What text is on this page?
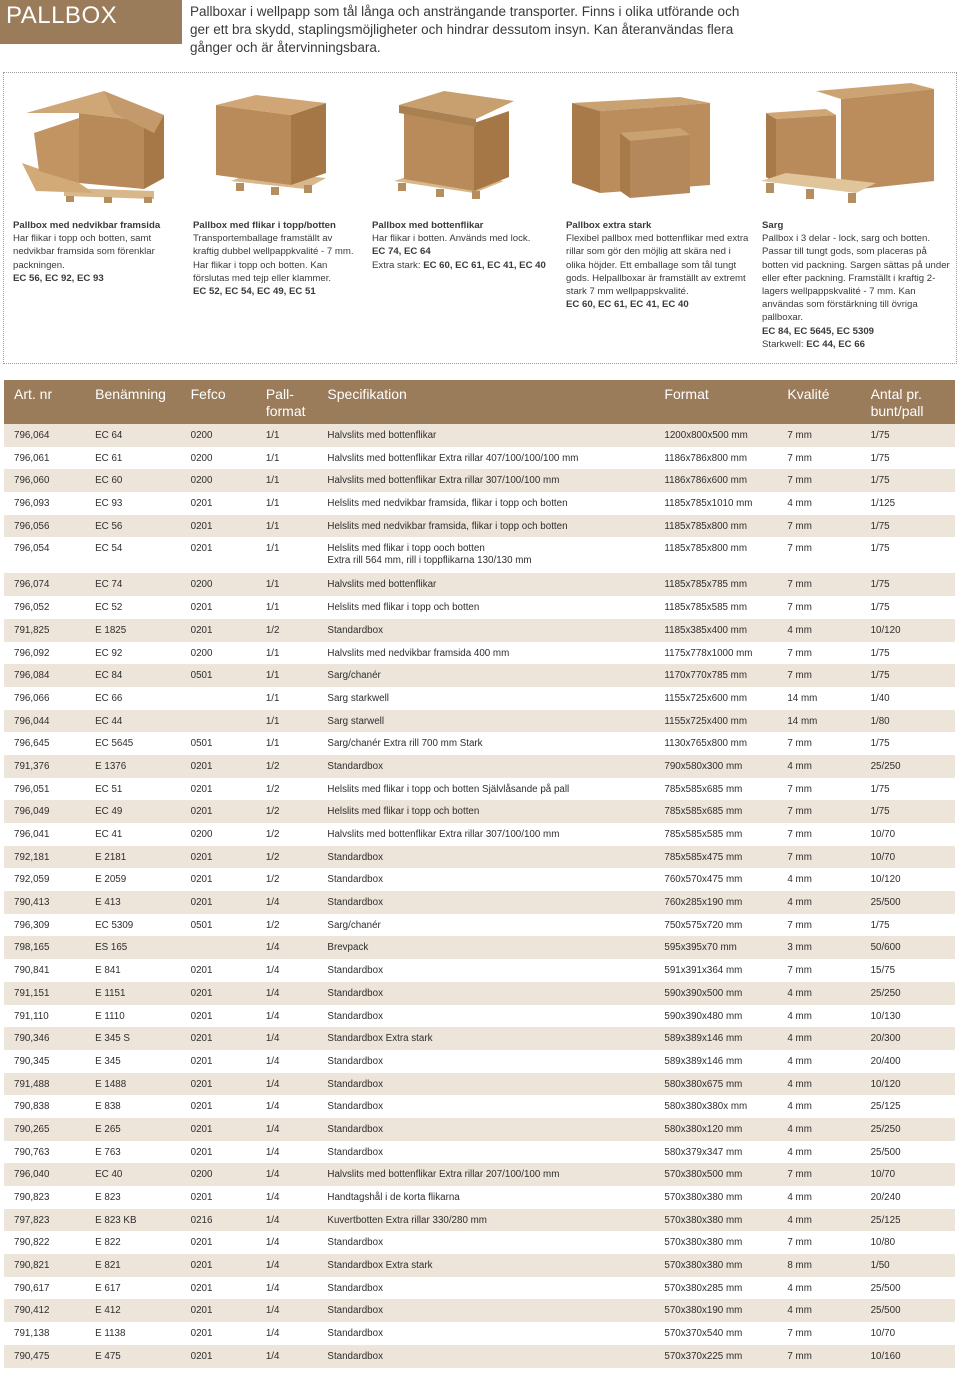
PALLBOX	Pallboxar i wellpapp som tål långa och ansträngande transporter. Finns i olika utförande och ger ett bra skydd, staplingsmöjligheter och hindrar dessutom insyn. Kan återanvändas flera gånger och är återvinningsbara.
Pallbox med nedvikbar framsida

Har flikar i topp och botten, samt nedvikbar framsida som förenklar packningen.

EC 56, EC 92, EC 93
Pallbox med flikar i topp/botten

Transportemballage framställt av kraftig dubbel wellpappkvalité - 7 mm. Har flikar i topp och botten. Kan förslutas med tejp eller klammer.

EC 52, EC 54, EC 49, EC 51
Pallbox med bottenflikar

Har flikar i botten. Används med lock.

EC 74, EC 64

Extra stark: EC 60, EC 61, EC 41, EC 40

Pallbox extra stark

Flexibel pallbox med bottenflikar med extra rillar som gör den möjlig att skära ned i olika höjder. Ett emballage som tål tungt gods. Helpallboxar är framställt av extremt stark 7 mm wellpappskvalité.

EC 60, EC 61, EC 41, EC 40
Sarg

Pallbox i 3 delar - lock, sarg och botten. Passar till tungt gods, som placeras på botten vid packning. Sargen sättas på under eller efter packning. Framställt i kraftig 2-lagers wellpappskvalité - 7 mm. Kan användas som förstärkning till övriga pallboxar.

EC 84, EC 5645, EC 5309

Starkwell: EC 44, EC 66

Art. nr	Benämning	Fefco	Pall-
format	Specifikation	Format	Kvalité	Antal pr.
bunt/pall
796,064	EC 64	0200	1/1	Halvslits med bottenflikar	1200x800x500 mm	7 mm	1/75
796,061	EC 61	0200	1/1	Halvslits med bottenflikar Extra rillar 407/100/100/100 mm	1186x786x800 mm	7 mm	1/75
796,060	EC 60	0200	1/1	Halvslits med bottenflikar Extra rillar 307/100/100 mm	1186x786x600 mm	7 mm	1/75
796,093	EC 93	0201	1/1	Helslits med nedvikbar framsida, flikar i topp och botten	1185x785x1010 mm	4 mm	1/125
796,056	EC 56	0201	1/1	Helslits med nedvikbar framsida, flikar i topp och botten	1185x785x800 mm	7 mm	1/75
796,054	EC 54	0201	1/1	Helslits med flikar i topp ooch botten
Extra rill 564 mm, rill i toppflikarna 130/130 mm	1185x785x800 mm	7 mm	1/75
796,074	EC 74	0200	1/1	Halvslits med bottenflikar	1185x785x785 mm	7 mm	1/75
796,052	EC 52	0201	1/1	Helslits med flikar i topp och botten	1185x785x585 mm	7 mm	1/75
791,825	E 1825	0201	1/2	Standardbox	1185x385x400 mm	4 mm	10/120
796,092	EC 92	0200	1/1	Halvslits med nedvikbar framsida 400 mm	1175x778x1000 mm	7 mm	1/75
796,084	EC 84	0501	1/1	Sarg/chanér	1170x770x785 mm	7 mm	1/75
796,066	EC 66		1/1	Sarg starkwell	1155x725x600 mm	14 mm	1/40
796,044	EC 44		1/1	Sarg starwell	1155x725x400 mm	14 mm	1/80
796,645	EC 5645	0501	1/1	Sarg/chanér Extra rill 700 mm Stark	1130x765x800 mm	7 mm	1/75
791,376	E 1376	0201	1/2	Standardbox	790x580x300 mm	4 mm	25/250
796,051	EC 51	0201	1/2	Helslits med flikar i topp och botten Självlåsande på pall	785x585x685 mm	7 mm	1/75
796,049	EC 49	0201	1/2	Helslits med flikar i topp och botten	785x585x685 mm	7 mm	1/75
796,041	EC 41	0200	1/2	Halvslits med bottenflikar Extra rillar 307/100/100 mm	785x585x585 mm	7 mm	10/70
792,181	E 2181	0201	1/2	Standardbox	785x585x475 mm	7 mm	10/70
792,059	E 2059	0201	1/2	Standardbox	760x570x475 mm	4 mm	10/120
790,413	E 413	0201	1/4	Standardbox	760x285x190 mm	4 mm	25/500
796,309	EC 5309	0501	1/2	Sarg/chanér	750x575x720 mm	7 mm	1/75
798,165	ES 165		1/4	Brevpack	595x395x70 mm	3 mm	50/600
790,841	E 841	0201	1/4	Standardbox	591x391x364 mm	7 mm	15/75
791,151	E 1151	0201	1/4	Standardbox	590x390x500 mm	4 mm	25/250
791,110	E 1110	0201	1/4	Standardbox	590x390x480 mm	4 mm	10/130
790,346	E 345 S	0201	1/4	Standardbox Extra stark	589x389x146 mm	4 mm	20/300
790,345	E 345	0201	1/4	Standardbox	589x389x146 mm	4 mm	20/400
791,488	E 1488	0201	1/4	Standardbox	580x380x675 mm	4 mm	10/120
790,838	E 838	0201	1/4	Standardbox	580x380x380x mm	4 mm	25/125
790,265	E 265	0201	1/4	Standardbox	580x380x120 mm	4 mm	25/250
790,763	E 763	0201	1/4	Standardbox	580x379x347 mm	4 mm	25/500
796,040	EC 40	0200	1/4	Halvslits med bottenflikar Extra rillar 207/100/100 mm	570x380x500 mm	7 mm	10/70
790,823	E 823	0201	1/4	Handtagshål i de korta flikarna	570x380x380 mm	4 mm	20/240
797,823	E 823 KB	0216	1/4	Kuvertbotten Extra rillar 330/280 mm	570x380x380 mm	4 mm	25/125
790,822	E 822	0201	1/4	Standardbox	570x380x380 mm	7 mm	10/80
790,821	E 821	0201	1/4	Standardbox Extra stark	570x380x380 mm	8 mm	1/50
790,617	E 617	0201	1/4	Standardbox	570x380x285 mm	4 mm	25/500
790,412	E 412	0201	1/4	Standardbox	570x380x190 mm	4 mm	25/500
791,138	E 1138	0201	1/4	Standardbox	570x370x540 mm	7 mm	10/70
790,475	E 475	0201	1/4	Standardbox	570x370x225 mm	7 mm	10/160
